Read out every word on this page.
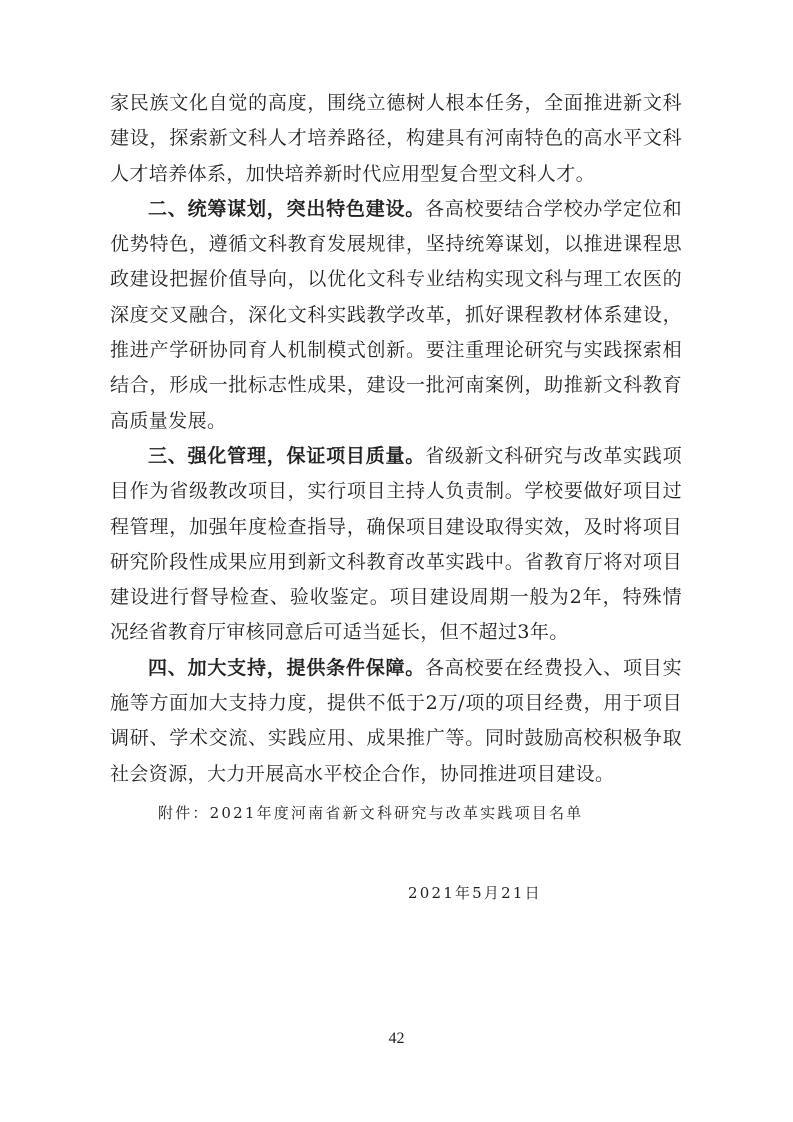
家民族文化自觉的高度，围绕立德树人根本任务，全面推进新文科建设，探索新文科人才培养路径，构建具有河南特色的高水平文科人才培养体系，加快培养新时代应用型复合型文科人才。

二、统筹谋划，突出特色建设。各高校要结合学校办学定位和优势特色，遵循文科教育发展规律，坚持统筹谋划，以推进课程思政建设把握价值导向，以优化文科专业结构实现文科与理工农医的深度交叉融合，深化文科实践教学改革，抓好课程教材体系建设，推进产学研协同育人机制模式创新。要注重理论研究与实践探索相结合，形成一批标志性成果，建设一批河南案例，助推新文科教育高质量发展。

三、强化管理，保证项目质量。省级新文科研究与改革实践项目作为省级教改项目，实行项目主持人负责制。学校要做好项目过程管理，加强年度检查指导，确保项目建设取得实效，及时将项目研究阶段性成果应用到新文科教育改革实践中。省教育厅将对项目建设进行督导检查、验收鉴定。项目建设周期一般为2年，特殊情况经省教育厅审核同意后可适当延长，但不超过3年。

四、加大支持，提供条件保障。各高校要在经费投入、项目实施等方面加大支持力度，提供不低于2万/项的项目经费，用于项目调研、学术交流、实践应用、成果推广等。同时鼓励高校积极争取社会资源，大力开展高水平校企合作，协同推进项目建设。

附件：2021年度河南省新文科研究与改革实践项目名单
2021年5月21日
42
